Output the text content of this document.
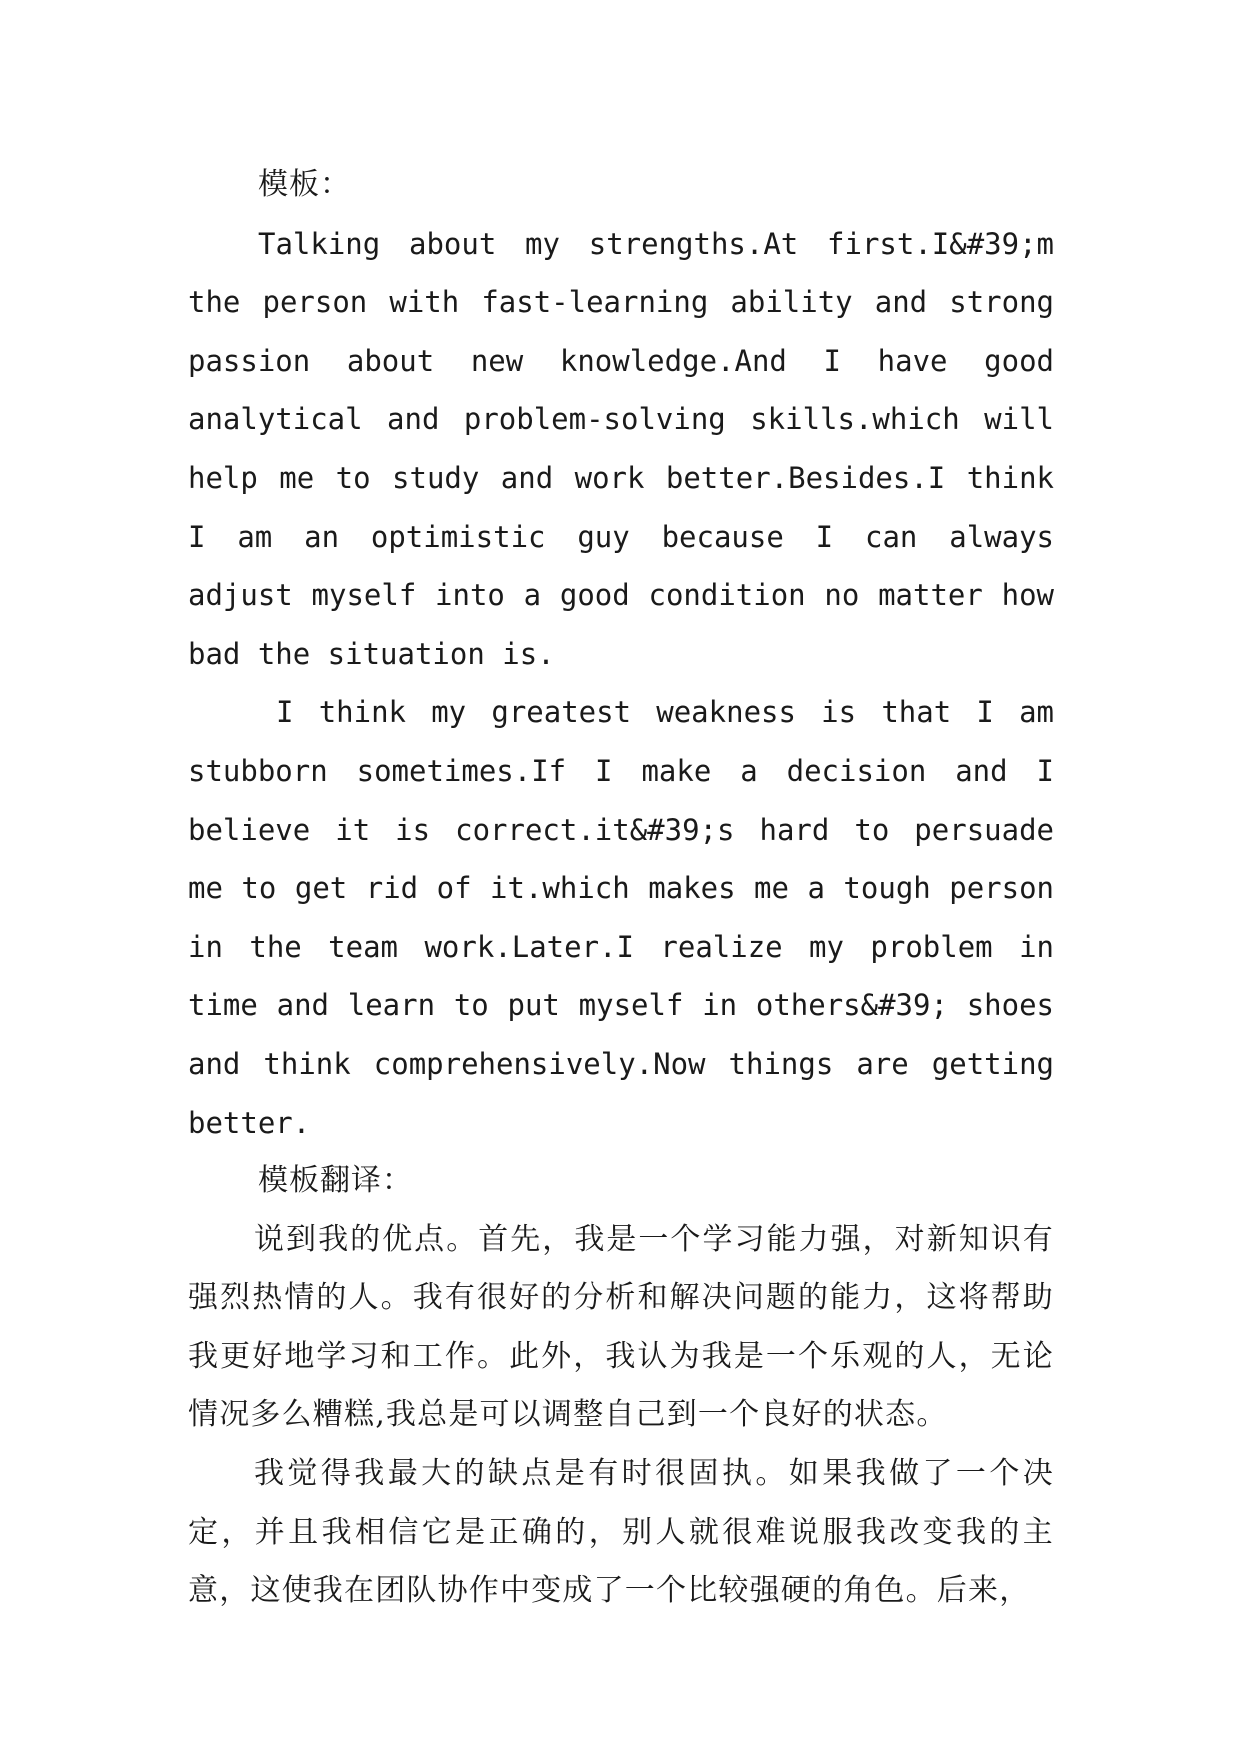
模板：

Talking about my strengths.At first.I&#39;m the person with fast-learning ability and strong passion about new knowledge.And I have good analytical and problem-solving skills.which will help me to study and work better.Besides.I think I am an optimistic guy because I can always adjust myself into a good condition no matter how bad the situation is.

I think my greatest weakness is that I am stubborn sometimes.If I make a decision and I believe it is correct.it&#39;s hard to persuade me to get rid of it.which makes me a tough person in the team work.Later.I realize my problem in time and learn to put myself in others&#39; shoes and think comprehensively.Now things are getting better.

模板翻译：

说到我的优点。首先，我是一个学习能力强，对新知识有强烈热情的人。我有很好的分析和解决问题的能力，这将帮助我更好地学习和工作。此外，我认为我是一个乐观的人，无论情况多么糟糕,我总是可以调整自己到一个良好的状态。

我觉得我最大的缺点是有时很固执。如果我做了一个决定，并且我相信它是正确的，别人就很难说服我改变我的主意，这使我在团队协作中变成了一个比较强硬的角色。后来，
